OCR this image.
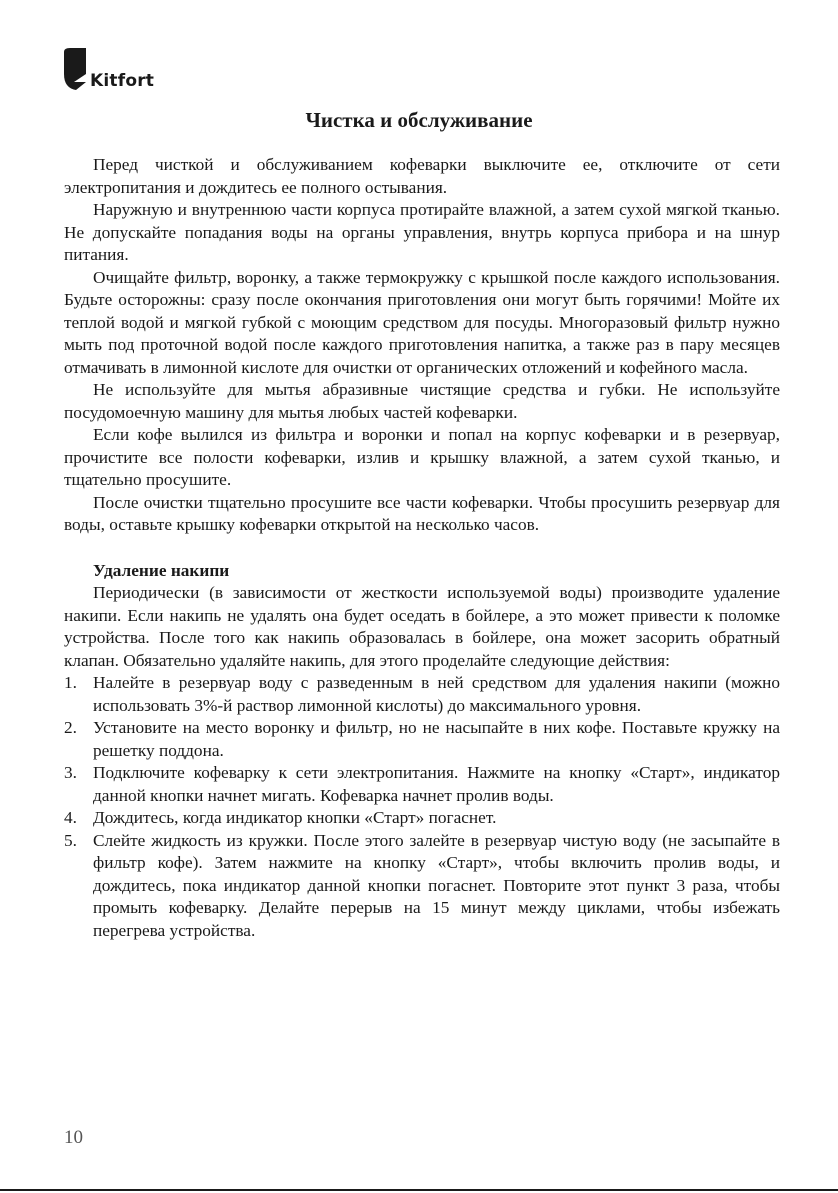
Kitfort
Чистка и обслуживание

Перед чисткой и обслуживанием кофеварки выключите ее, отключите от сети электропитания и дождитесь ее полного остывания.

Наружную и внутреннюю части корпуса протирайте влажной, а затем сухой мягкой тканью. Не допускайте попадания воды на органы управления, внутрь корпуса прибора и на шнур питания.

Очищайте фильтр, воронку, а также термокружку с крышкой после каждого использования. Будьте осторожны: сразу после окончания приготовления они могут быть горячими! Мойте их теплой водой и мягкой губкой с моющим средством для посуды. Многоразовый фильтр нужно мыть под проточной водой после каждого приготовления напитка, а также раз в пару месяцев отмачивать в лимонной кислоте для очистки от органических отложений и кофейного масла.

Не используйте для мытья абразивные чистящие средства и губки. Не используйте посудомоечную машину для мытья любых частей кофеварки.

Если кофе вылился из фильтра и воронки и попал на корпус кофеварки и в резервуар, прочистите все полости кофеварки, излив и крышку влажной, а затем сухой тканью, и тщательно просушите.

После очистки тщательно просушите все части кофеварки. Чтобы просушить резервуар для воды, оставьте крышку кофеварки открытой на несколько часов.

Удаление накипи

Периодически (в зависимости от жесткости используемой воды) производите удаление накипи. Если накипь не удалять она будет оседать в бойлере, а это может привести к поломке устройства. После того как накипь образовалась в бойлере, она может засорить обратный клапан. Обязательно удаляйте накипь, для этого проделайте следующие действия:

1. Налейте в резервуар воду с разведенным в ней средством для удаления накипи (можно использовать 3%-й раствор лимонной кислоты) до максимального уровня.
2. Установите на место воронку и фильтр, но не насыпайте в них кофе. Поставьте кружку на решетку поддона.
3. Подключите кофеварку к сети электропитания. Нажмите на кнопку «Старт», индикатор данной кнопки начнет мигать. Кофеварка начнет пролив воды.
4. Дождитесь, когда индикатор кнопки «Старт» погаснет.
5. Слейте жидкость из кружки. После этого залейте в резервуар чистую воду (не засыпайте в фильтр кофе). Затем нажмите на кнопку «Старт», чтобы включить пролив воды, и дождитесь, пока индикатор данной кнопки погаснет. Повторите этот пункт 3 раза, чтобы промыть кофеварку. Делайте перерыв на 15 минут между циклами, чтобы избежать перегрева устройства.
10
